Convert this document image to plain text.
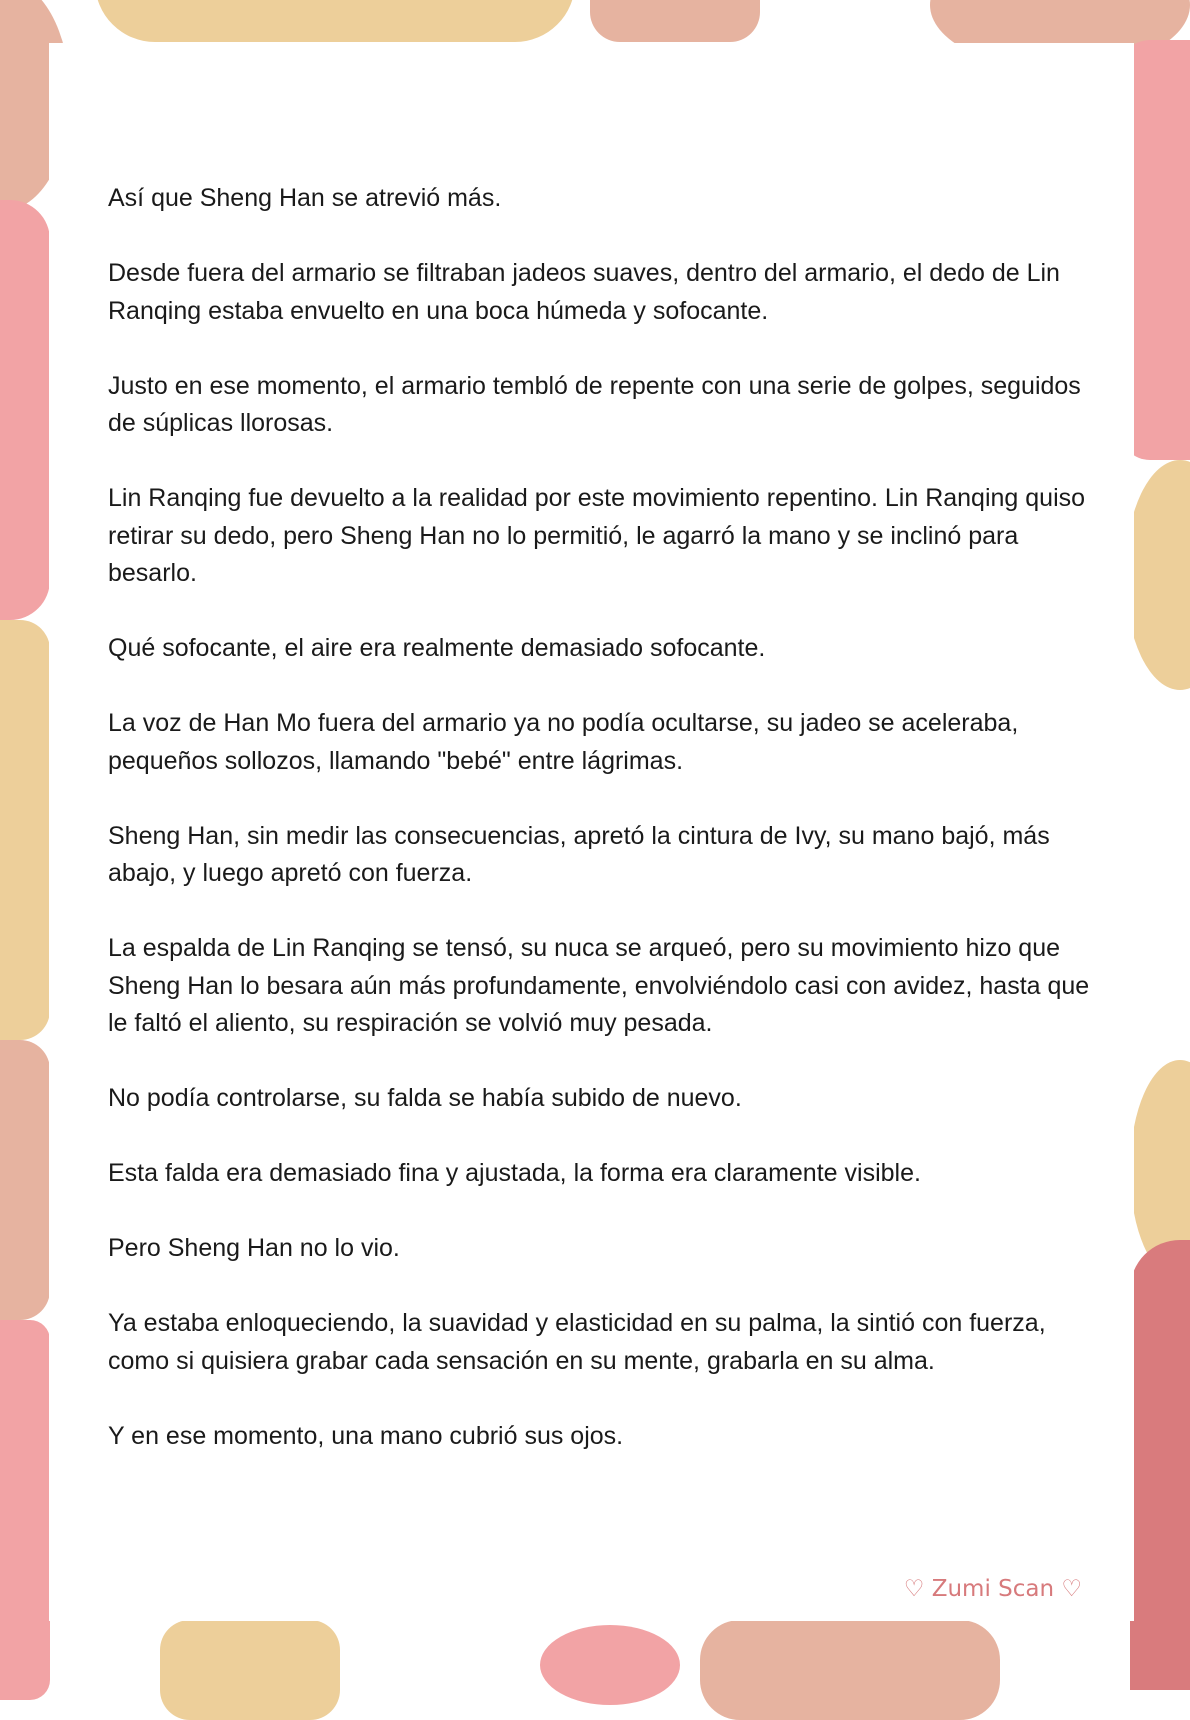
Así que Sheng Han se atrevió más.

Desde fuera del armario se filtraban jadeos suaves, dentro del armario, el dedo de Lin Ranqing estaba envuelto en una boca húmeda y sofocante.

Justo en ese momento, el armario tembló de repente con una serie de golpes, seguidos de súplicas llorosas.

Lin Ranqing fue devuelto a la realidad por este movimiento repentino. Lin Ranqing quiso retirar su dedo, pero Sheng Han no lo permitió, le agarró la mano y se inclinó para besarlo.

Qué sofocante, el aire era realmente demasiado sofocante.

La voz de Han Mo fuera del armario ya no podía ocultarse, su jadeo se aceleraba, pequeños sollozos, llamando "bebé" entre lágrimas.

Sheng Han, sin medir las consecuencias, apretó la cintura de Ivy, su mano bajó, más abajo, y luego apretó con fuerza.

La espalda de Lin Ranqing se tensó, su nuca se arqueó, pero su movimiento hizo que Sheng Han lo besara aún más profundamente, envolviéndolo casi con avidez, hasta que le faltó el aliento, su respiración se volvió muy pesada.

No podía controlarse, su falda se había subido de nuevo.

Esta falda era demasiado fina y ajustada, la forma era claramente visible.

Pero Sheng Han no lo vio.

Ya estaba enloqueciendo, la suavidad y elasticidad en su palma, la sintió con fuerza, como si quisiera grabar cada sensación en su mente, grabarla en su alma.

Y en ese momento, una mano cubrió sus ojos.

♡ Zumi Scan ♡
